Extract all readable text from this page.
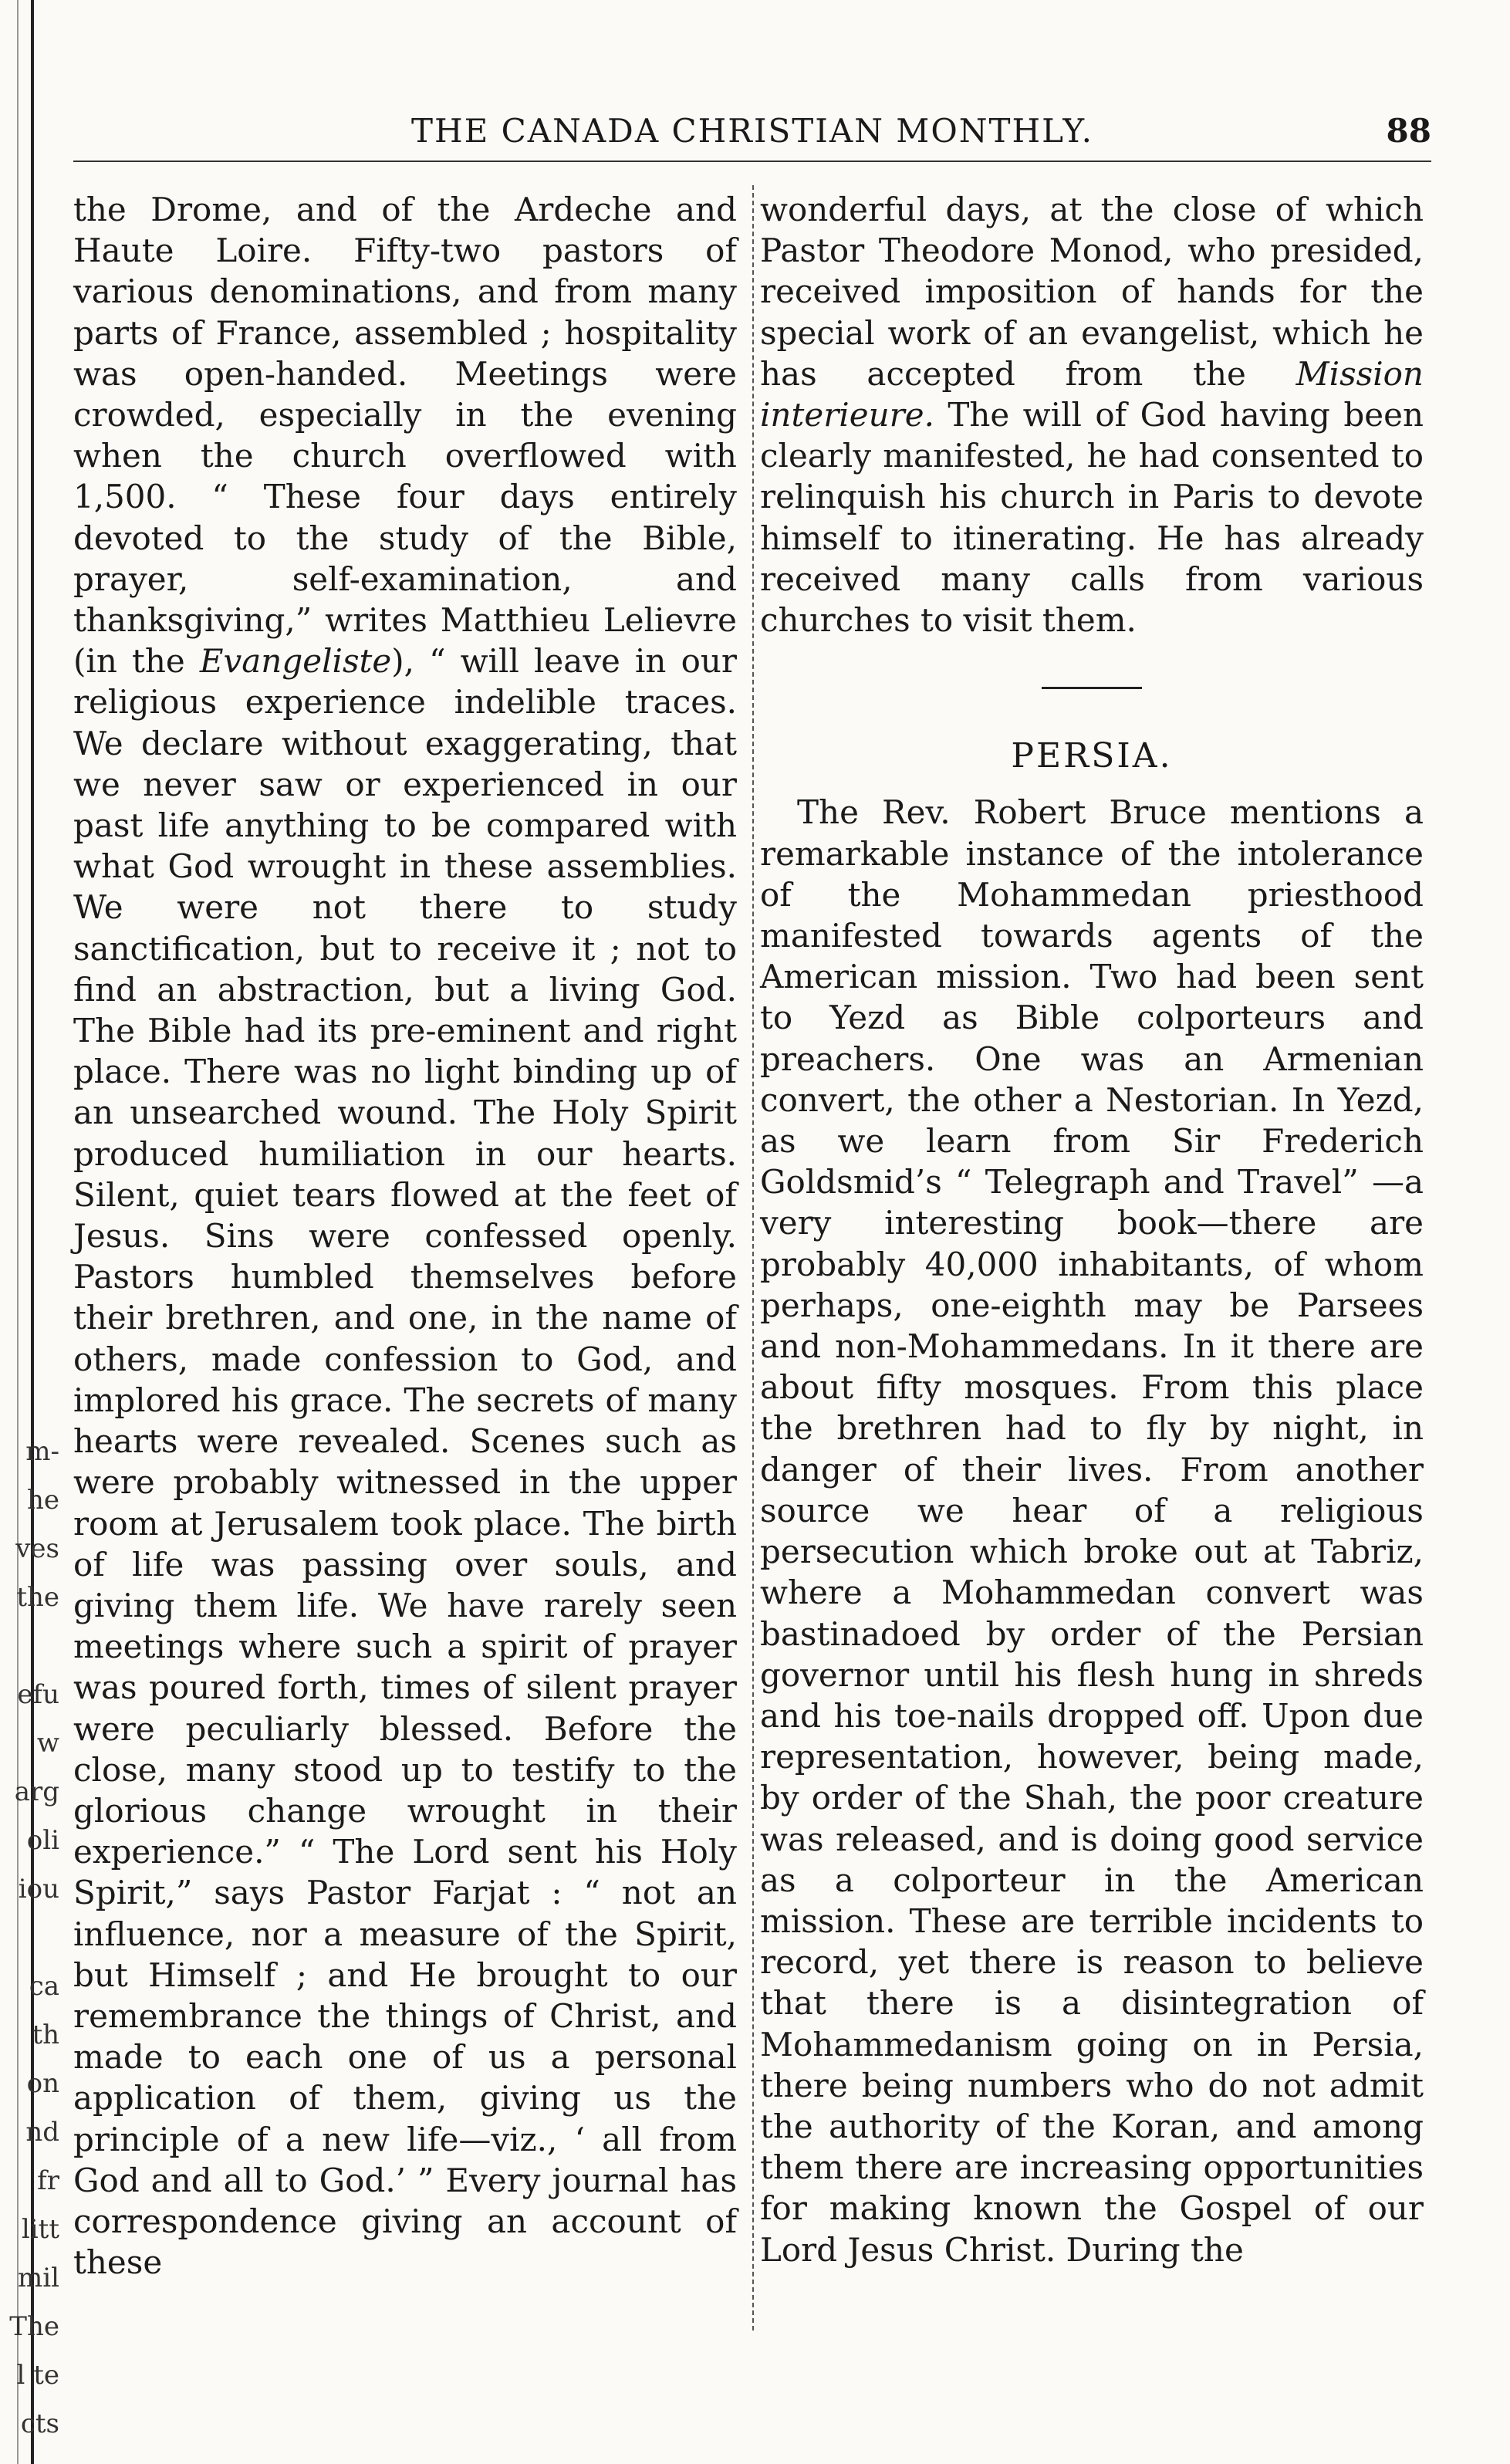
m-
he
ves
the
efu
w
arg
oli
iou
ca
th
on
nd
fr
litt
mil
The
l te
cts
THE CANADA CHRISTIAN MONTHLY.	88

the Drome, and of the Ardeche and Haute Loire. Fifty-two pastors of various denominations, and from many parts of France, assembled ; hospitality was open-handed. Meetings were crowded, especially in the evening when the church overflowed with 1,500. “ These four days entirely devoted to the study of the Bible, prayer, self-examination, and thanksgiving,” writes Matthieu Lelievre (in the Evangeliste), “ will leave in our religious experience indelible traces. We declare without exaggerating, that we never saw or experienced in our past life anything to be compared with what God wrought in these assemblies. We were not there to study sanctification, but to receive it ; not to find an abstraction, but a living God. The Bible had its pre-eminent and right place. There was no light binding up of an unsearched wound. The Holy Spirit produced humiliation in our hearts. Silent, quiet tears flowed at the feet of Jesus. Sins were confessed openly. Pastors humbled themselves before their brethren, and one, in the name of others, made confession to God, and implored his grace. The secrets of many hearts were revealed. Scenes such as were probably witnessed in the upper room at Jerusalem took place. The birth of life was passing over souls, and giving them life. We have rarely seen meetings where such a spirit of prayer was poured forth, times of silent prayer were peculiarly blessed. Before the close, many stood up to testify to the glorious change wrought in their experience.” “ The Lord sent his Holy Spirit,” says Pastor Farjat : “ not an influence, nor a measure of the Spirit, but Himself ; and He brought to our remembrance the things of Christ, and made to each one of us a personal application of them, giving us the principle of a new life—viz., ‘ all from God and all to God.’ ” Every journal has correspondence giving an account of these

wonderful days, at the close of which Pastor Theodore Monod, who presided, received imposition of hands for the special work of an evangelist, which he has accepted from the Mission interieure. The will of God having been clearly manifested, he had consented to relinquish his church in Paris to devote himself to itinerating. He has already received many calls from various churches to visit them.

PERSIA.

The Rev. Robert Bruce mentions a remarkable instance of the intolerance of the Mohammedan priesthood manifested towards agents of the American mission. Two had been sent to Yezd as Bible colporteurs and preachers. One was an Armenian convert, the other a Nestorian. In Yezd, as we learn from Sir Frederich Goldsmid’s “ Telegraph and Travel” —a very interesting book—there are probably 40,000 inhabitants, of whom perhaps, one-eighth may be Parsees and non-Mohammedans. In it there are about fifty mosques. From this place the brethren had to fly by night, in danger of their lives. From another source we hear of a religious persecution which broke out at Tabriz, where a Mohammedan convert was bastinadoed by order of the Persian governor until his flesh hung in shreds and his toe-nails dropped off. Upon due representation, however, being made, by order of the Shah, the poor creature was released, and is doing good service as a colporteur in the American mission. These are terrible incidents to record, yet there is reason to believe that there is a disintegration of Mohammedanism going on in Persia, there being numbers who do not admit the authority of the Koran, and among them there are increasing opportunities for making known the Gospel of our Lord Jesus Christ. During the
